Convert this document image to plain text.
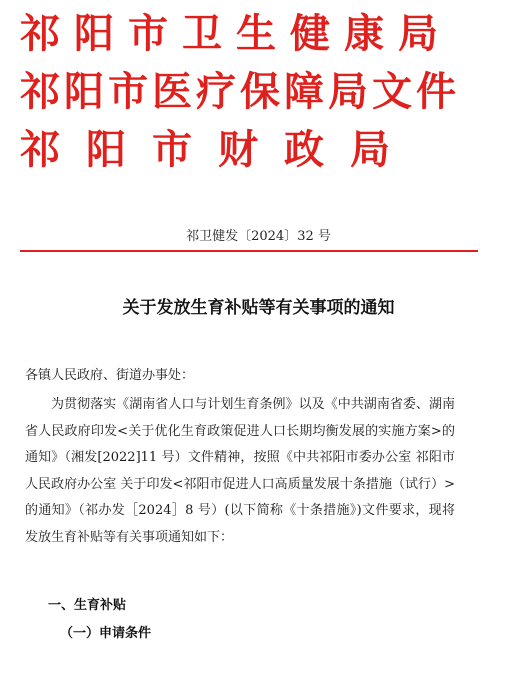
祁阳市卫生健康局

祁阳市医疗保障局文件

祁阳市财政局

祁卫健发〔2024〕32 号
关于发放生育补贴等有关事项的通知

各镇人民政府、街道办事处：

为贯彻落实《湖南省人口与计划生育条例》以及《中共湖南省委、湖南省人民政府印发<关于优化生育政策促进人口长期均衡发展的实施方案>的通知》（湘发[2022]11 号）文件精神，按照《中共祁阳市委办公室 祁阳市人民政府办公室 关于印发<祁阳市促进人口高质量发展十条措施（试行）>的通知》（祁办发［2024］8 号）(以下简称《十条措施》)文件要求，现将发放生育补贴等有关事项通知如下：

一、生育补贴

（一）申请条件
